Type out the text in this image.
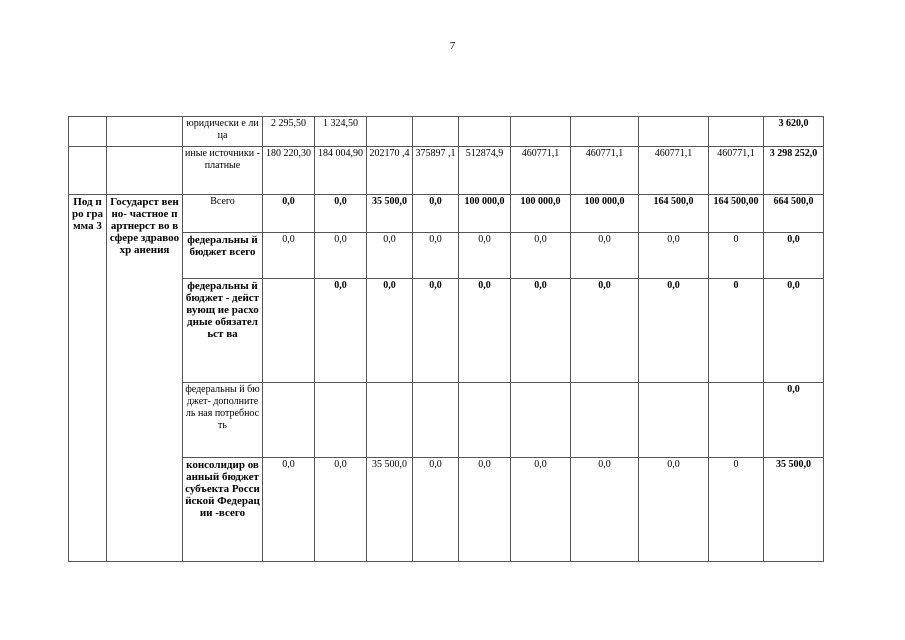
7
		юридически е лица	2 295,50	1 324,50								3 620,0
		иные источники - платные	180 220,30	184 004,90	202170 ,4	375897 ,1	512874,9	460771,1	460771,1	460771,1	460771,1	3 298 252,0
Под про гра мма 3	Государст венно- частное партнерст во в сфере здравоохр анения	Всего	0,0	0,0	35 500,0	0,0	100 000,0	100 000,0	100 000,0	164 500,0	164 500,00	664 500,0
		федеральны й бюджет всего	0,0	0,0	0,0	0,0	0,0	0,0	0,0	0,0	0	0,0
		федеральны й бюджет - действующ ие расходные обязательст ва		0,0	0,0	0,0	0,0	0,0	0,0	0,0	0	0,0
		федеральны й бюджет- дополнитель ная потребность										0,0
		консолидир ованный бюджет субъекта Российской Федерации -всего	0,0	0,0	35 500,0	0,0	0,0	0,0	0,0	0,0	0	35 500,0
